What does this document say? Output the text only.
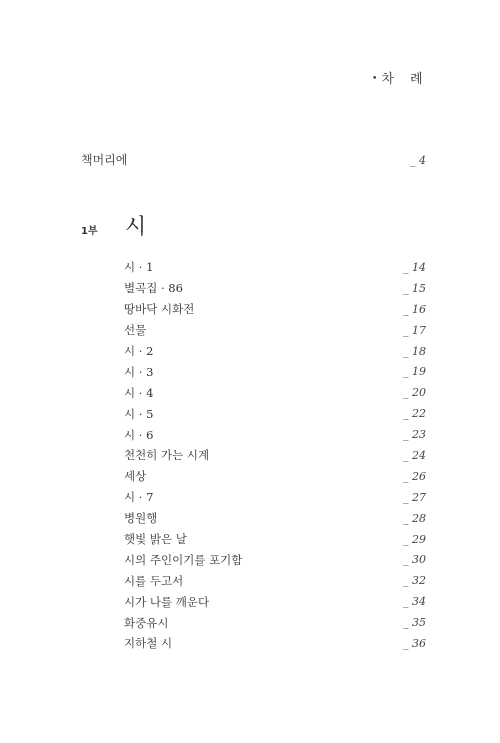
• 차 례
책머리에	_ 4
1부	시
시 · 1	_ 14
별곡집 · 86	_ 15
땅바닥 시화전	_ 16
선물	_ 17
시 · 2	_ 18
시 · 3	_ 19
시 · 4	_ 20
시 · 5	_ 22
시 · 6	_ 23
천천히 가는 시계	_ 24
세상	_ 26
시 · 7	_ 27
병원행	_ 28
햇빛 밝은 날	_ 29
시의 주인이기를 포기함	_ 30
시를 두고서	_ 32
시가 나를 깨운다	_ 34
화중유시	_ 35
지하철 시	_ 36
